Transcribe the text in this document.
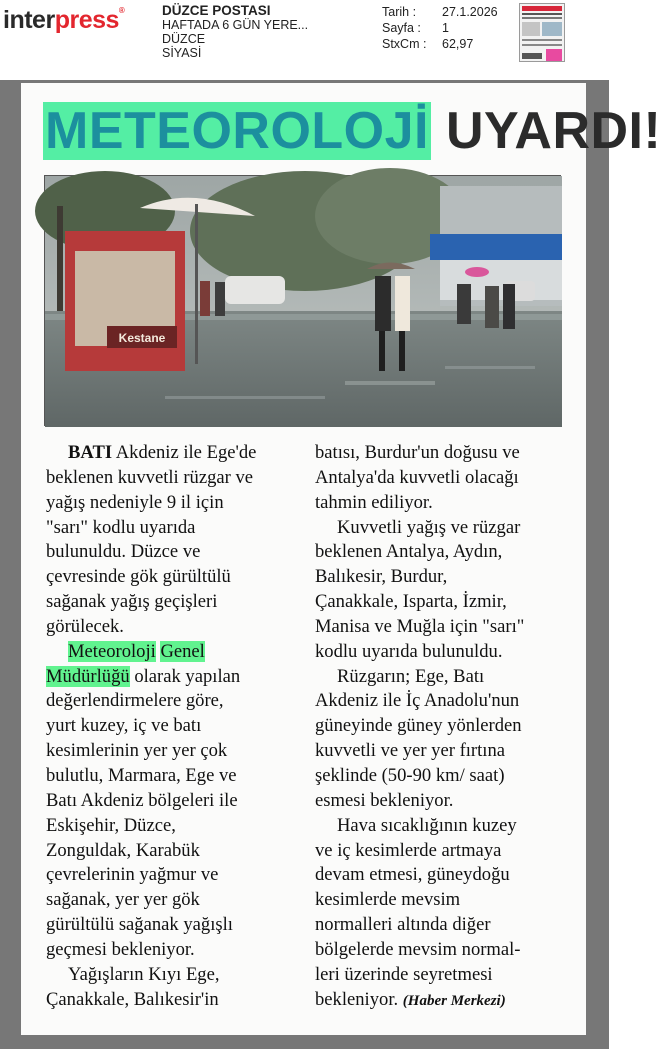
interpress®	DÜZCE POSTASI
HAFTADA 6 GÜN YERE...
DÜZCE
SİYASİ
Tarih :	27.1.2026
Sayfa :	1
StxCm :	62,97
METEOROLOJİ UYARDI!
Kestane
BATI Akdeniz ile Ege'de
beklenen kuvvetli rüzgar ve
yağış nedeniyle 9 il için
"sarı" kodlu uyarıda
bulunuldu. Düzce ve
çevresinde gök gürültülü
sağanak yağış geçişleri
görülecek.
Meteoroloji Genel
Müdürlüğü olarak yapılan
değerlendirmelere göre,
yurt kuzey, iç ve batı
kesimlerinin yer yer çok
bulutlu, Marmara, Ege ve
Batı Akdeniz bölgeleri ile
Eskişehir, Düzce,
Zonguldak, Karabük
çevrelerinin yağmur ve
sağanak, yer yer gök
gürültülü sağanak yağışlı
geçmesi bekleniyor.
Yağışların Kıyı Ege,
Çanakkale, Balıkesir'in
batısı, Burdur'un doğusu ve
Antalya'da kuvvetli olacağı
tahmin ediliyor.
Kuvvetli yağış ve rüzgar
beklenen Antalya, Aydın,
Balıkesir, Burdur,
Çanakkale, Isparta, İzmir,
Manisa ve Muğla için "sarı"
kodlu uyarıda bulunuldu.
Rüzgarın; Ege, Batı
Akdeniz ile İç Anadolu'nun
güneyinde güney yönlerden
kuvvetli ve yer yer fırtına
şeklinde (50-90 km/ saat)
esmesi bekleniyor.
Hava sıcaklığının kuzey
ve iç kesimlerde artmaya
devam etmesi, güneydoğu
kesimlerde mevsim
normalleri altında diğer
bölgelerde mevsim normal-
leri üzerinde seyretmesi
bekleniyor. (Haber Merkezi)
